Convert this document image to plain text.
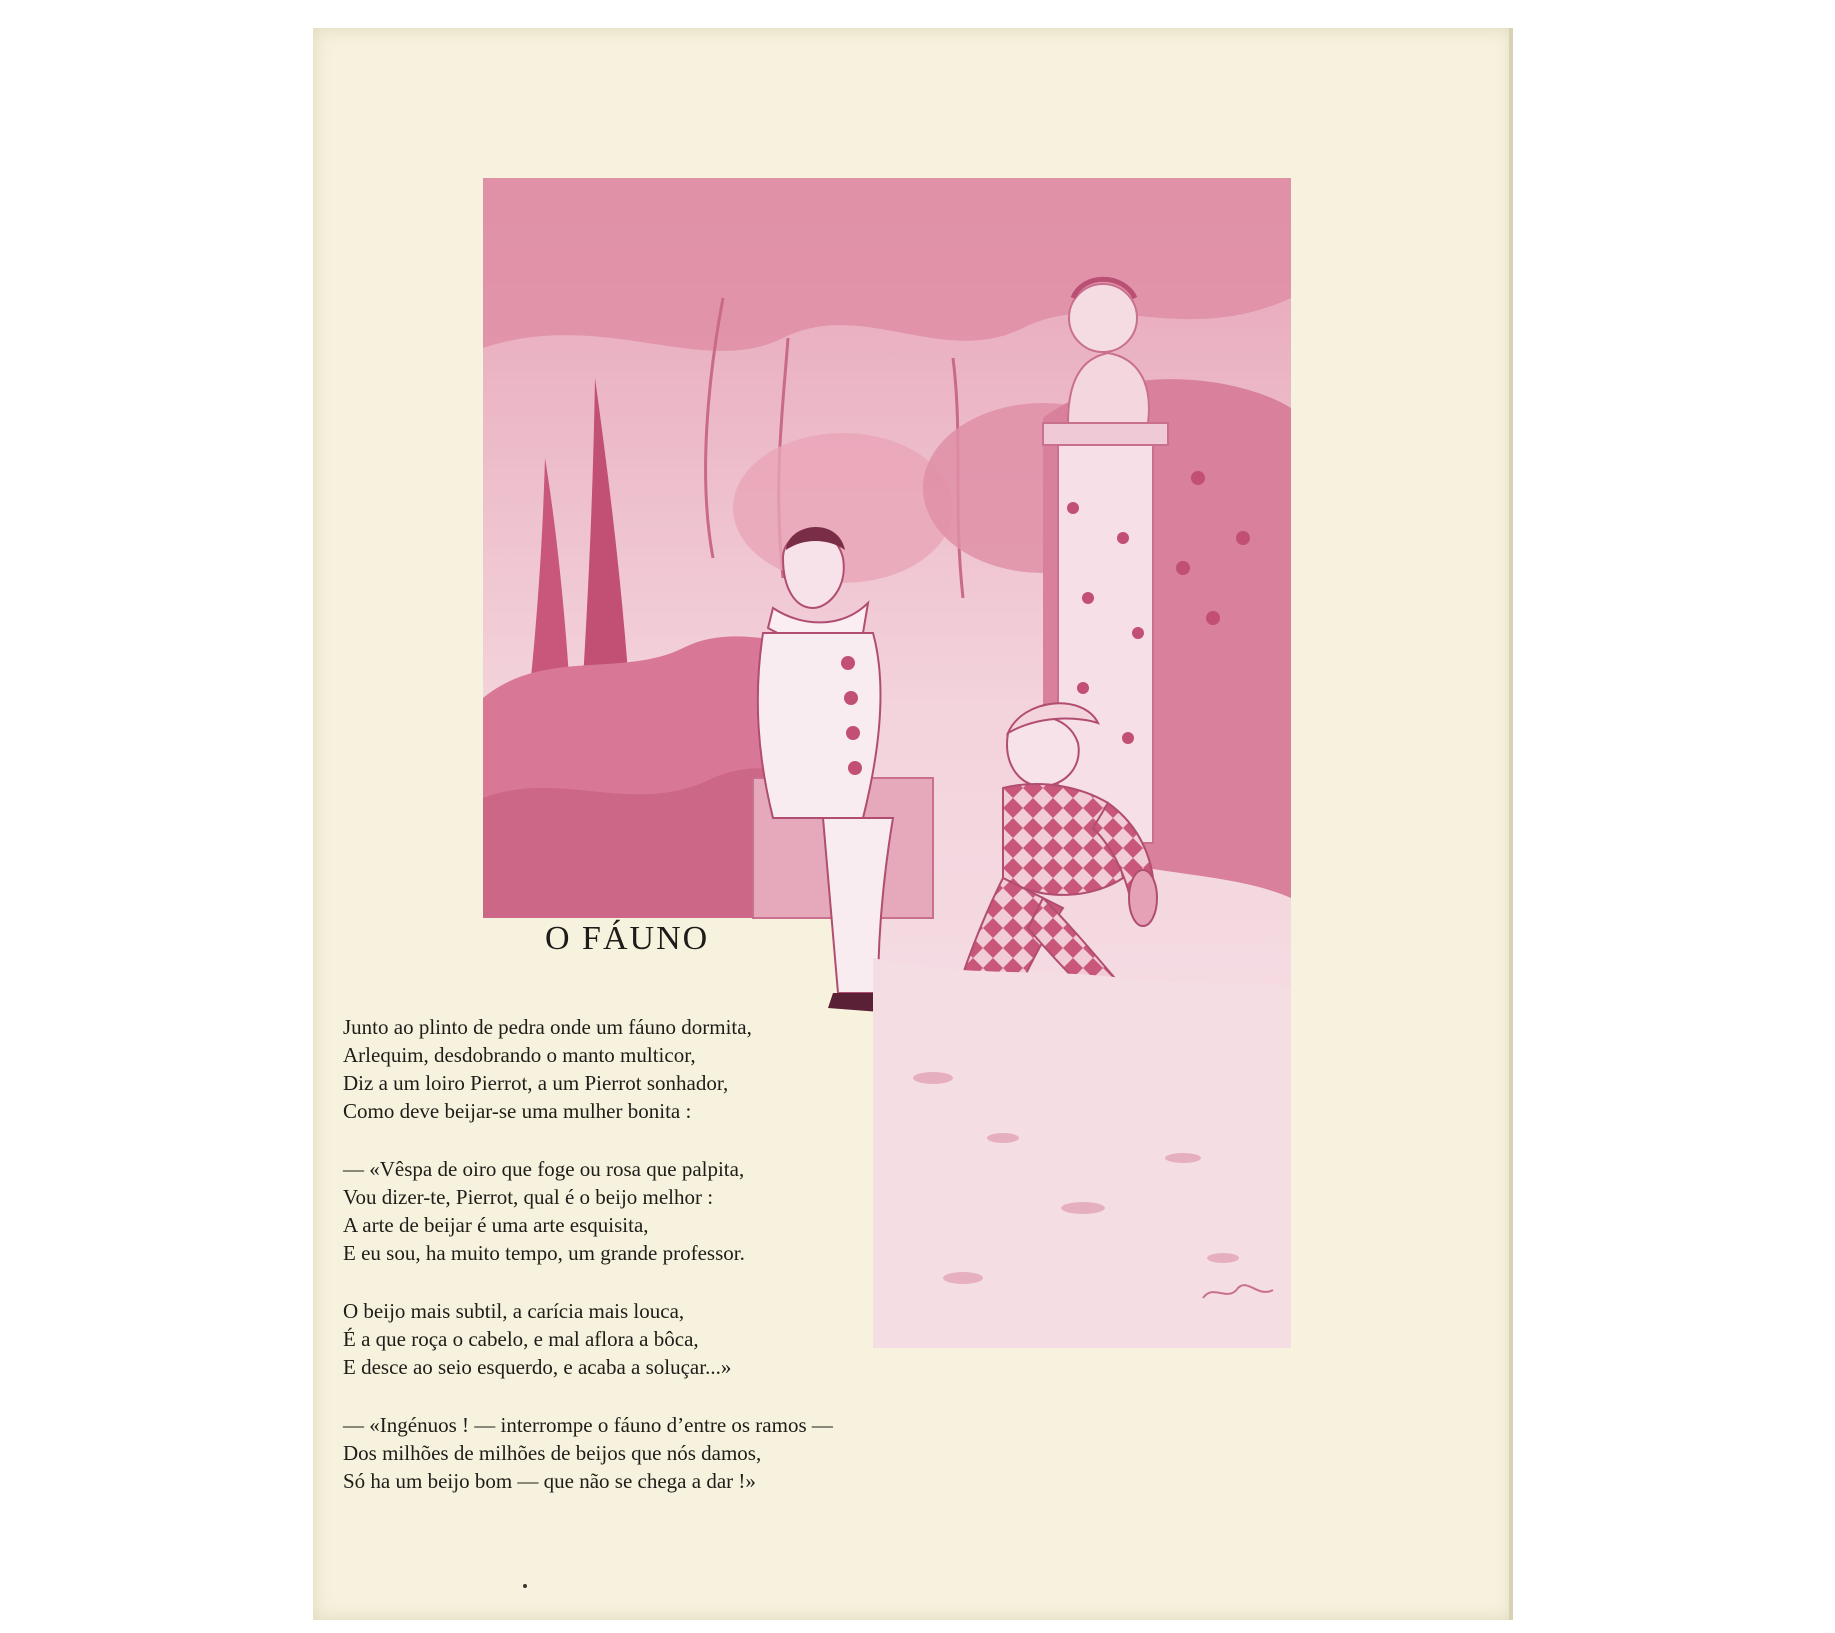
O FÁUNO

Junto ao plinto de pedra onde um fáuno dormita,
Arlequim, desdobrando o manto multicor,
Diz a um loiro Pierrot, a um Pierrot sonhador,
Como deve beijar-se uma mulher bonita :

— «Vêspa de oiro que foge ou rosa que palpita,
Vou dizer-te, Pierrot, qual é o beijo melhor :
A arte de beijar é uma arte esquisita,
E eu sou, ha muito tempo, um grande professor.

O beijo mais subtil, a carícia mais louca,
É a que roça o cabelo, e mal aflora a bôca,
E desce ao seio esquerdo, e acaba a soluçar...»

— «Ingénuos ! — interrompe o fáuno d’entre os ramos —
Dos milhões de milhões de beijos que nós damos,
Só ha um beijo bom — que não se chega a dar !»
